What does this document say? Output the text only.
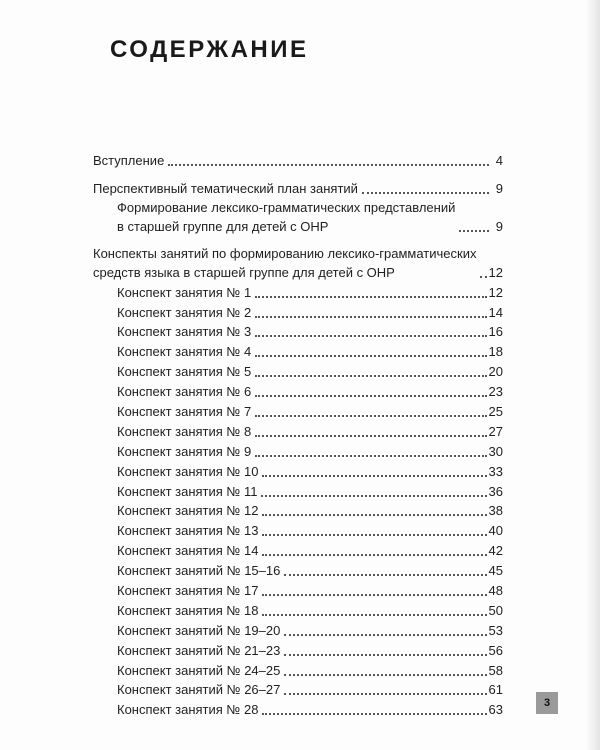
СОДЕРЖАНИЕ
Вступление	4
Перспективный тематический план занятий	9
Формирование лексико-грамматических представлений
в старшей группе для детей с ОНР	9
Конспекты занятий по формированию лексико-грамматических
средств языка в старшей группе для детей с ОНР	12
Конспект занятия № 1	12
Конспект занятия № 2	14
Конспект занятия № 3	16
Конспект занятия № 4	18
Конспект занятия № 5	20
Конспект занятия № 6	23
Конспект занятия № 7	25
Конспект занятия № 8	27
Конспект занятия № 9	30
Конспект занятия № 10	33
Конспект занятия № 11	36
Конспект занятия № 12	38
Конспект занятия № 13	40
Конспект занятия № 14	42
Конспект занятий № 15–16	45
Конспект занятия № 17	48
Конспект занятия № 18	50
Конспект занятий № 19–20	53
Конспект занятий № 21–23	56
Конспект занятий № 24–25	58
Конспект занятий № 26–27	61
Конспект занятия № 28	63	3
